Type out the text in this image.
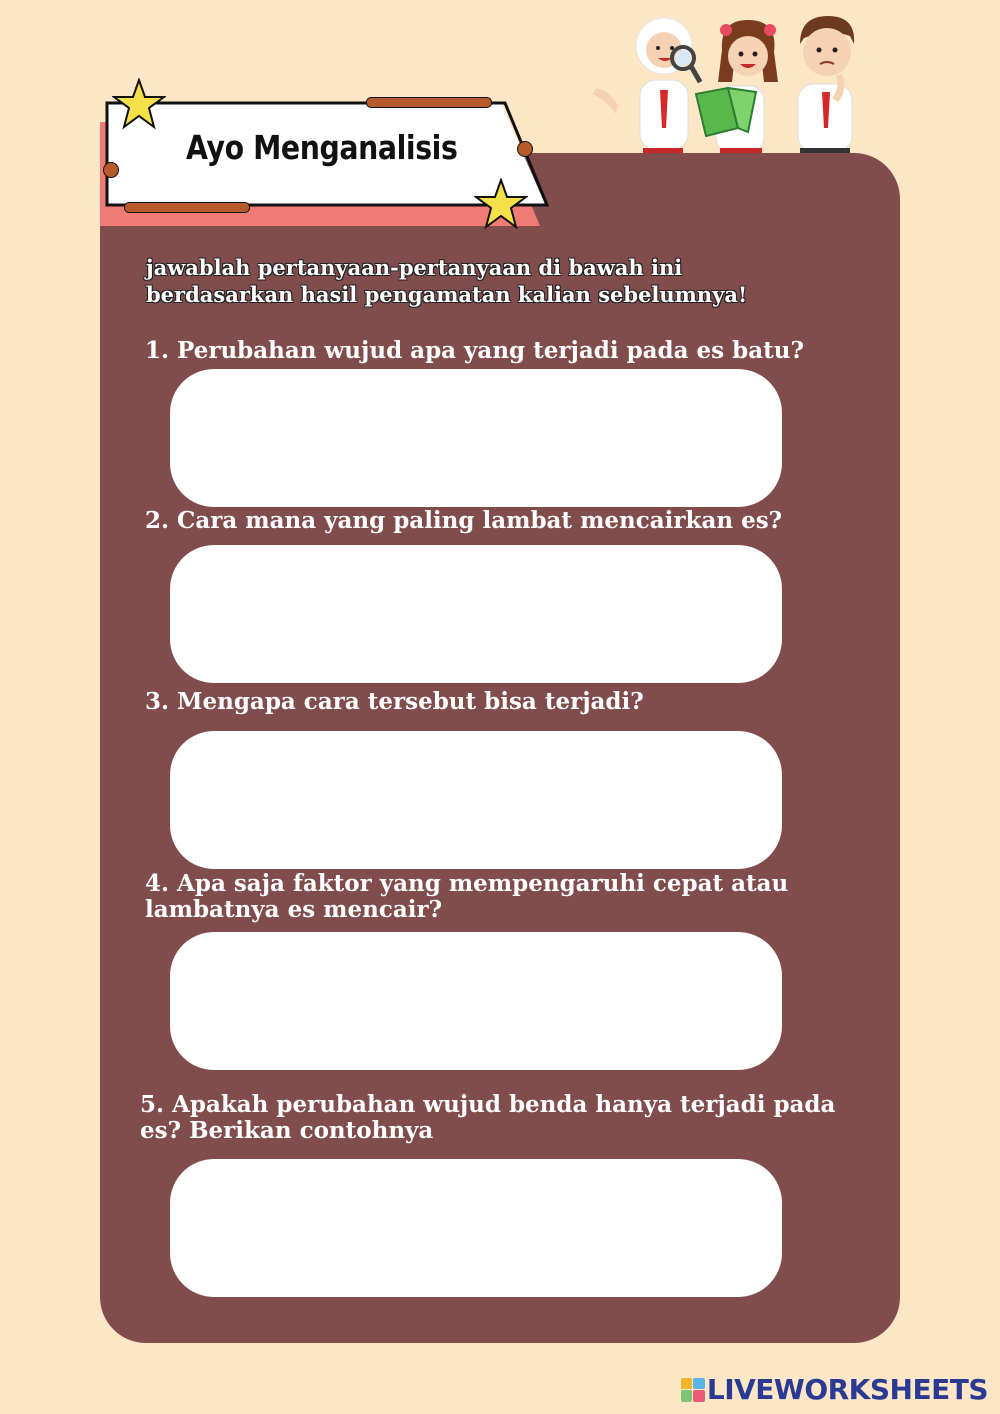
Ayo Menganalisis
jawablah pertanyaan-pertanyaan di bawah ini
berdasarkan hasil pengamatan kalian sebelumnya!
1. Perubahan wujud apa yang terjadi pada es batu?
2. Cara mana yang paling lambat mencairkan es?
3. Mengapa cara tersebut bisa terjadi?
4. Apa saja faktor yang mempengaruhi cepat atau
lambatnya es mencair?
5. Apakah perubahan wujud benda hanya terjadi pada
es? Berikan contohnya
LIVEWORKSHEETS
